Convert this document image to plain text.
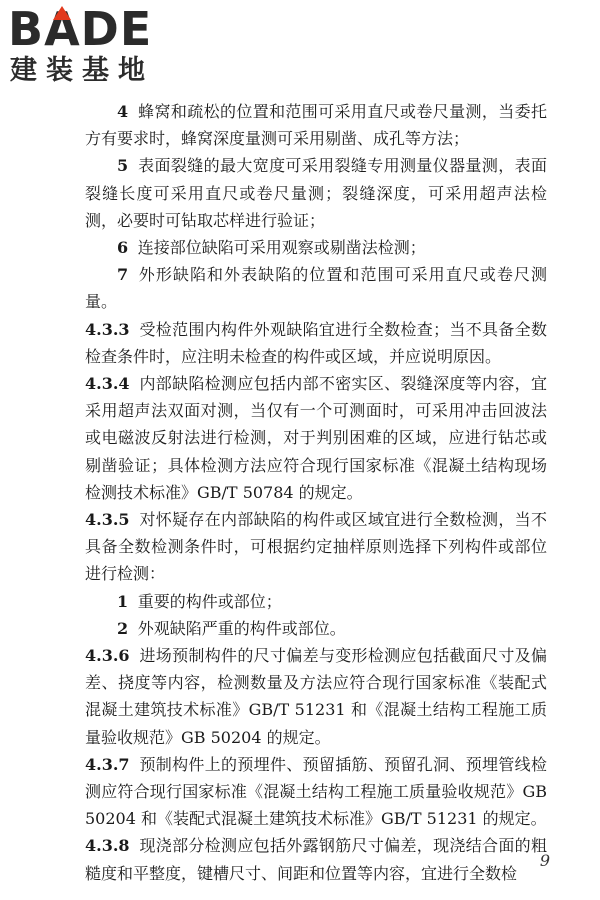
B
ADE
建装基地

4 蜂窝和疏松的位置和范围可采用直尺或卷尺量测，当委托方有要求时，蜂窝深度量测可采用剔凿、成孔等方法；

5 表面裂缝的最大宽度可采用裂缝专用测量仪器量测，表面裂缝长度可采用直尺或卷尺量测；裂缝深度，可采用超声法检测，必要时可钻取芯样进行验证；

6 连接部位缺陷可采用观察或剔凿法检测；

7 外形缺陷和外表缺陷的位置和范围可采用直尺或卷尺测量。

4.3.3 受检范围内构件外观缺陷宜进行全数检查；当不具备全数检查条件时，应注明未检查的构件或区域，并应说明原因。

4.3.4 内部缺陷检测应包括内部不密实区、裂缝深度等内容，宜采用超声法双面对测，当仅有一个可测面时，可采用冲击回波法或电磁波反射法进行检测，对于判别困难的区域，应进行钻芯或剔凿验证；具体检测方法应符合现行国家标准《混凝土结构现场检测技术标准》GB/T 50784 的规定。

4.3.5 对怀疑存在内部缺陷的构件或区域宜进行全数检测，当不具备全数检测条件时，可根据约定抽样原则选择下列构件或部位进行检测：

1 重要的构件或部位；

2 外观缺陷严重的构件或部位。

4.3.6 进场预制构件的尺寸偏差与变形检测应包括截面尺寸及偏差、挠度等内容，检测数量及方法应符合现行国家标准《装配式混凝土建筑技术标准》GB/T 51231 和《混凝土结构工程施工质量验收规范》GB 50204 的规定。

4.3.7 预制构件上的预埋件、预留插筋、预留孔洞、预埋管线检测应符合现行国家标准《混凝土结构工程施工质量验收规范》GB 50204 和《装配式混凝土建筑技术标准》GB/T 51231 的规定。

4.3.8 现浇部分检测应包括外露钢筋尺寸偏差，现浇结合面的粗糙度和平整度，键槽尺寸、间距和位置等内容，宜进行全数检

9
